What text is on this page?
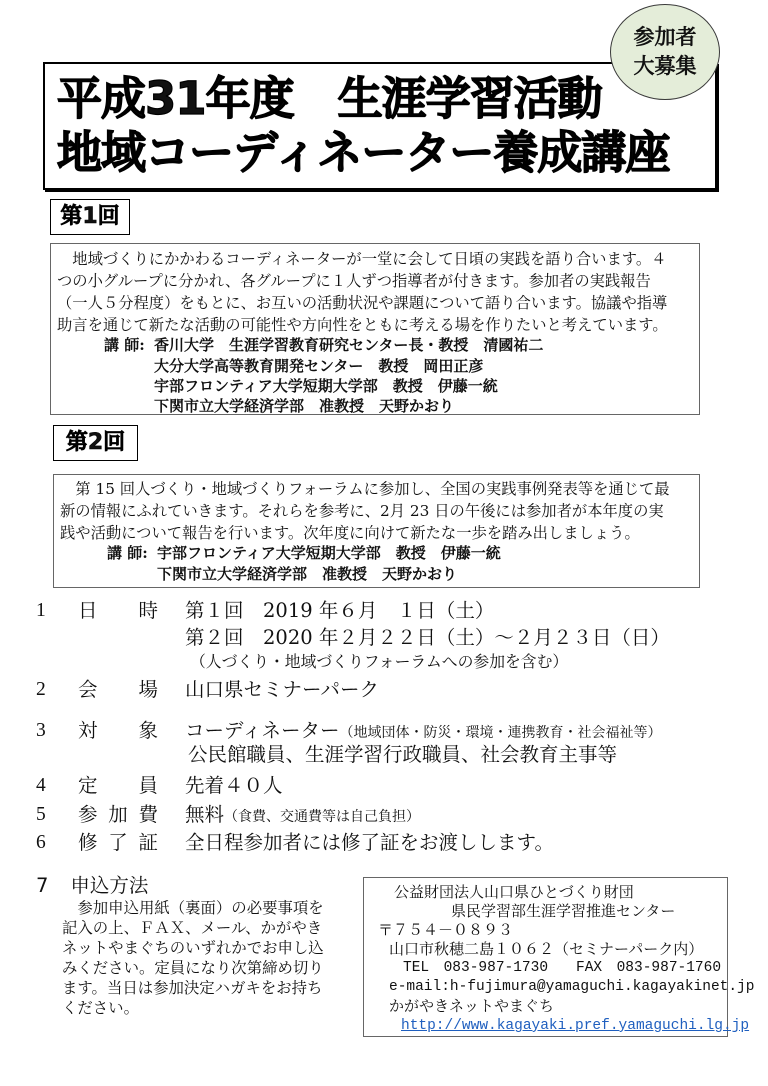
参加者
大募集
平成31年度　生涯学習活動
地域コーディネーター養成講座
第1回
　地域づくりにかかわるコーディネーターが一堂に会して日頃の実践を語り合います。４
つの小グループに分かれ、各グループに１人ずつ指導者が付きます。参加者の実践報告
（一人５分程度）をもとに、お互いの活動状況や課題について語り合います。協議や指導
助言を通じて新たな活動の可能性や方向性をともに考える場を作りたいと考えています。
講 師: 香川大学　生涯学習教育研究センター長・教授　清國祐二
大分大学高等教育開発センター　教授　岡田正彦
宇部フロンティア大学短期大学部　教授　伊藤一統
下関市立大学経済学部　准教授　天野かおり
第2回
　第 15 回人づくり・地域づくりフォーラムに参加し、全国の実践事例発表等を通じて最
新の情報にふれていきます。それらを参考に、2月 23 日の午後には参加者が本年度の実
践や活動について報告を行います。次年度に向けて新たな一歩を踏み出しましょう。
講 師: 宇部フロンティア大学短期大学部　教授　伊藤一統
下関市立大学経済学部　准教授　天野かおり
1	日 時 第１回　2019 年６月　１日（土）
第２回　2020 年２月２２日（土）～２月２３日（日）
（人づくり・地域づくりフォーラムへの参加を含む）
2	会 場 山口県セミナーパーク
3	対 象 コーディネーター（地域団体・防災・環境・連携教育・社会福祉等）
公民館職員、生涯学習行政職員、社会教育主事等
4	定 員 先着４０人
5	参 加 費 無料（食費、交通費等は自己負担）
6	修 了 証 全日程参加者には修了証をお渡しします。
7 申込方法
　参加申込用紙（裏面）の必要事項を
記入の上、ＦＡＸ、メール、かがやき
ネットやまぐちのいずれかでお申し込
みください。定員になり次第締め切り
ます。当日は参加決定ハガキをお持ち
ください。
公益財団法人山口県ひとづくり財団
県民学習部生涯学習推進センター
〒７５４－０８９３
山口市秋穂二島１０６２（セミナーパーク内）
TEL　083-987-1730 FAX　083-987-1760
e-mail:h-fujimura@yamaguchi.kagayakinet.jp
かがやきネットやまぐち
http://www.kagayaki.pref.yamaguchi.lg.jp
